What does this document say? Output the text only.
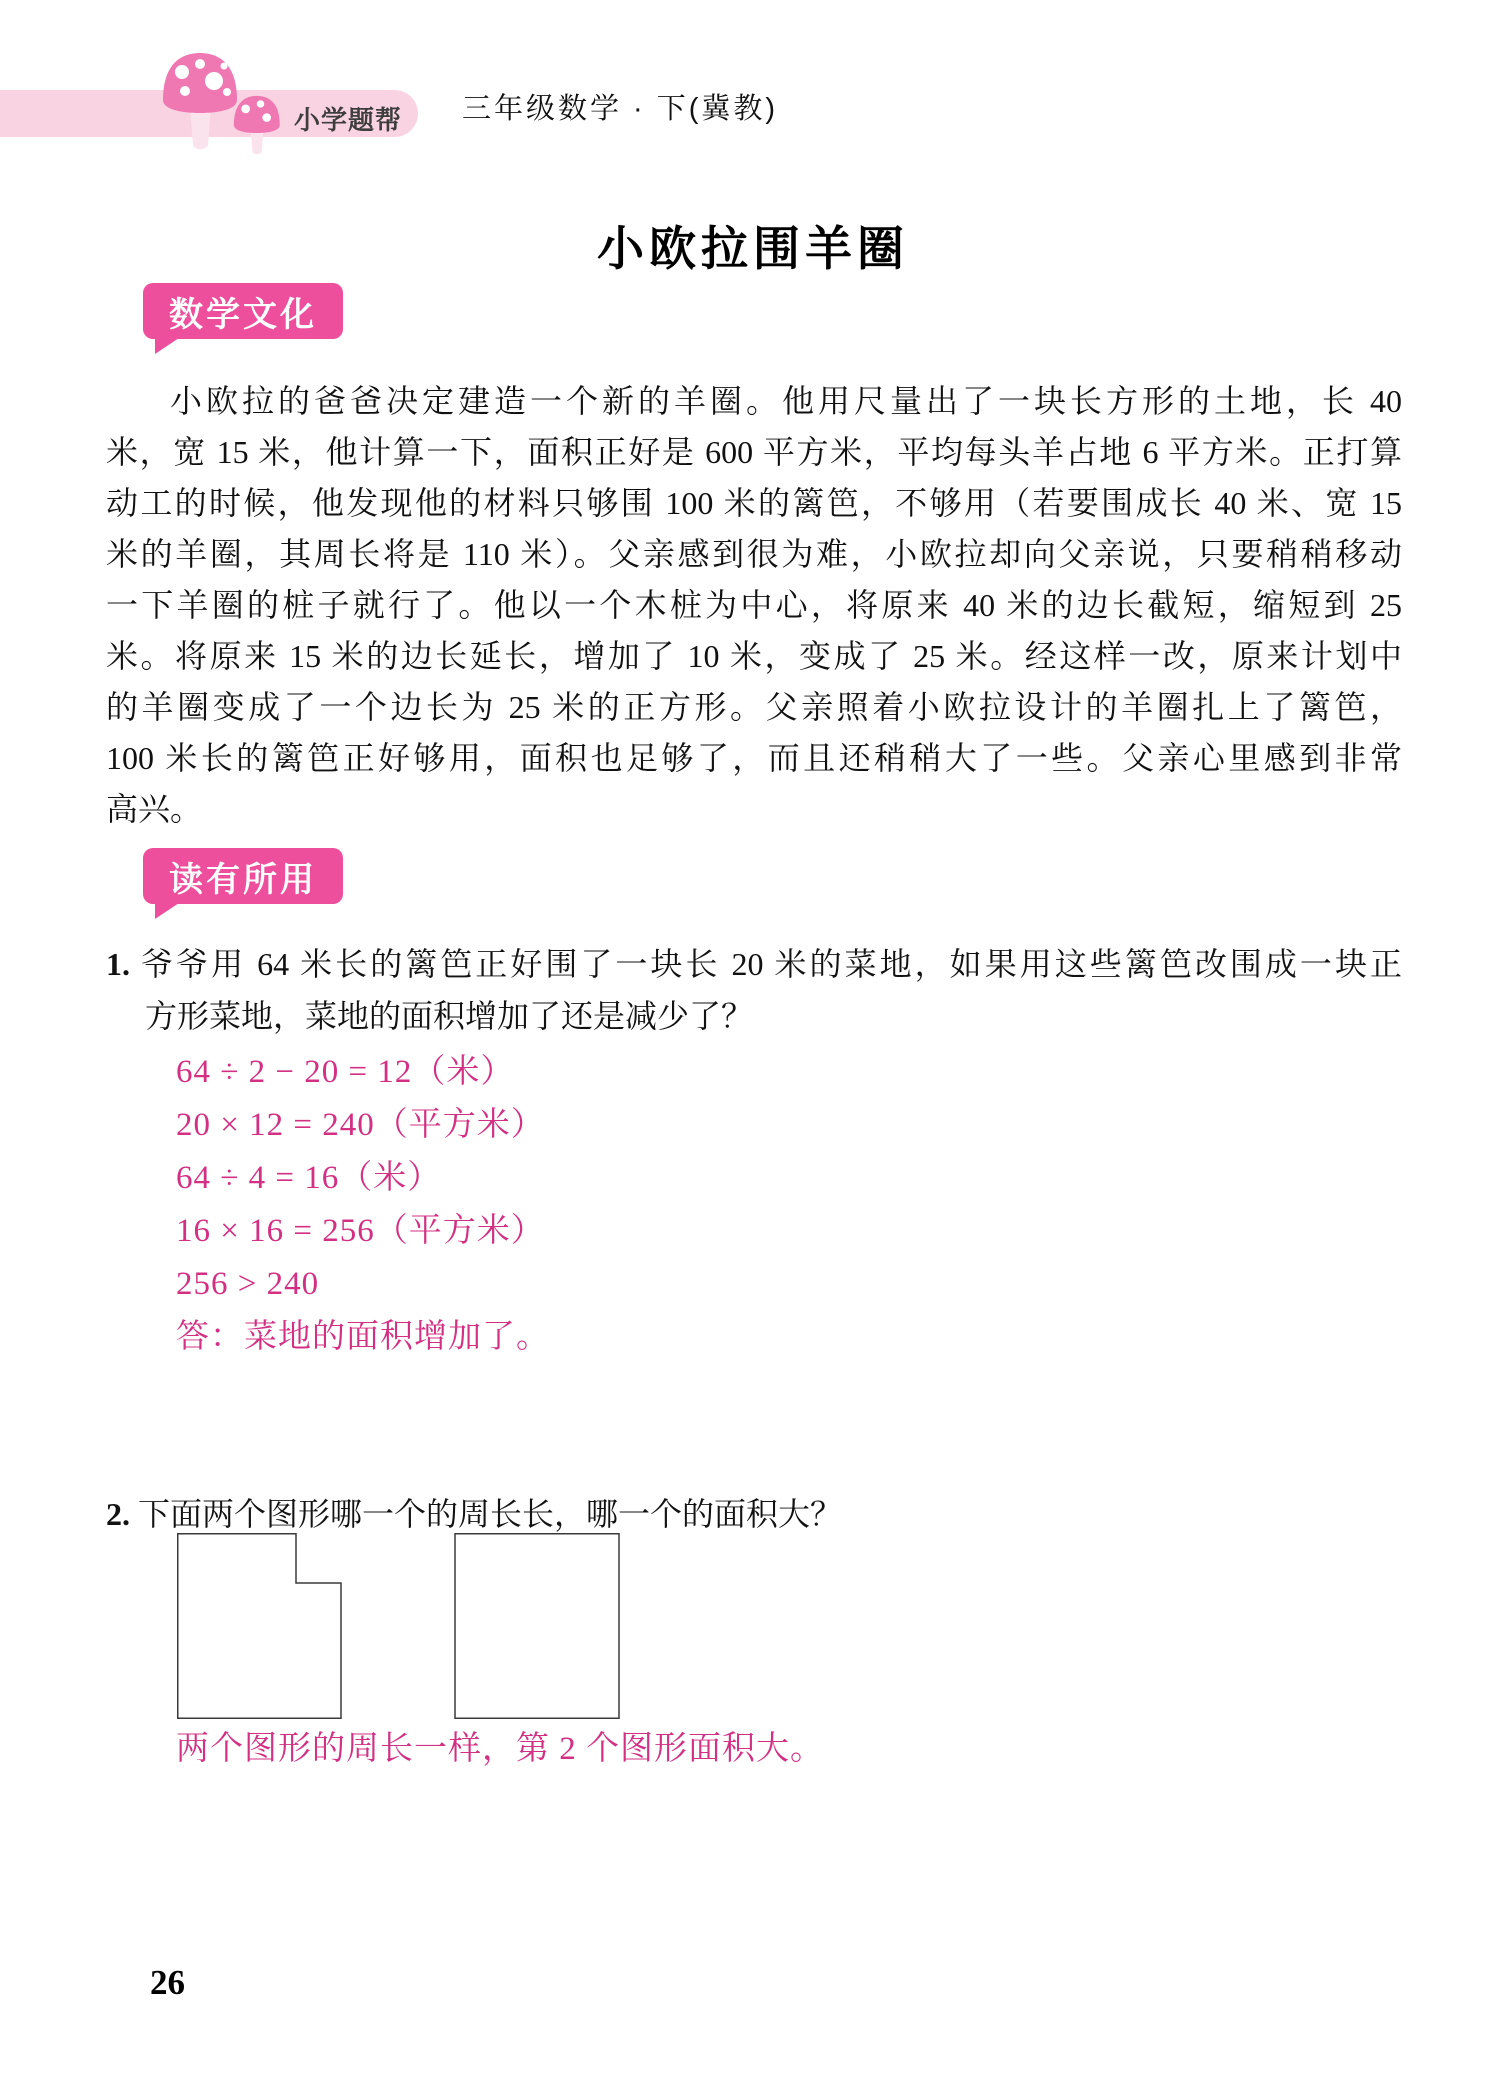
小学题帮 三年级数学 · 下(冀教)
小欧拉围羊圈
数学文化
小欧拉的爸爸决定建造一个新的羊圈。他用尺量出了一块长方形的土地，长 40
米，宽 15 米，他计算一下，面积正好是 600 平方米，平均每头羊占地 6 平方米。正打算
动工的时候，他发现他的材料只够围 100 米的篱笆，不够用（若要围成长 40 米、宽 15
米的羊圈，其周长将是 110 米）。父亲感到很为难，小欧拉却向父亲说，只要稍稍移动
一下羊圈的桩子就行了。他以一个木桩为中心，将原来 40 米的边长截短，缩短到 25
米。将原来 15 米的边长延长，增加了 10 米，变成了 25 米。经这样一改，原来计划中
的羊圈变成了一个边长为 25 米的正方形。父亲照着小欧拉设计的羊圈扎上了篱笆，
100 米长的篱笆正好够用，面积也足够了，而且还稍稍大了一些。父亲心里感到非常
高兴。
读有所用
1. 爷爷用 64 米长的篱笆正好围了一块长 20 米的菜地，如果用这些篱笆改围成一块正
方形菜地，菜地的面积增加了还是减少了？
64 ÷ 2 − 20 = 12（米）
20 × 12 = 240（平方米）
64 ÷ 4 = 16（米）
16 × 16 = 256（平方米）
256 > 240
答：菜地的面积增加了。
2. 下面两个图形哪一个的周长长，哪一个的面积大？
两个图形的周长一样，第 2 个图形面积大。
26
